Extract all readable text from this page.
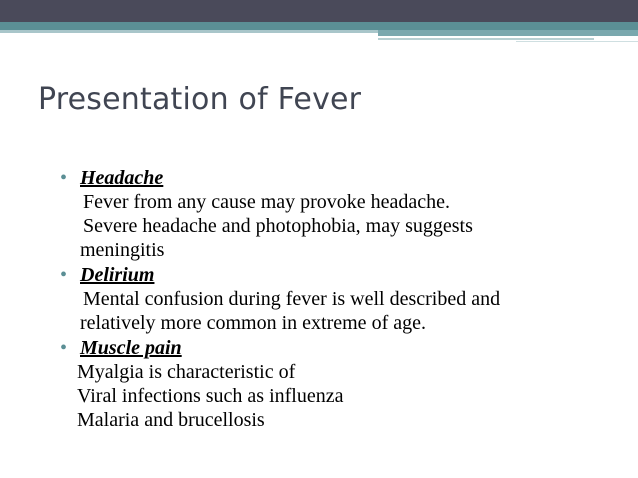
Presentation of Fever
• Headache

Fever from any cause may provoke headache.

Severe headache and photophobia, may suggests

meningitis

• Delirium

Mental confusion during fever is well described and

relatively more common in extreme of age.

• Muscle pain

Myalgia is characteristic of

Viral infections such as influenza

Malaria and brucellosis
